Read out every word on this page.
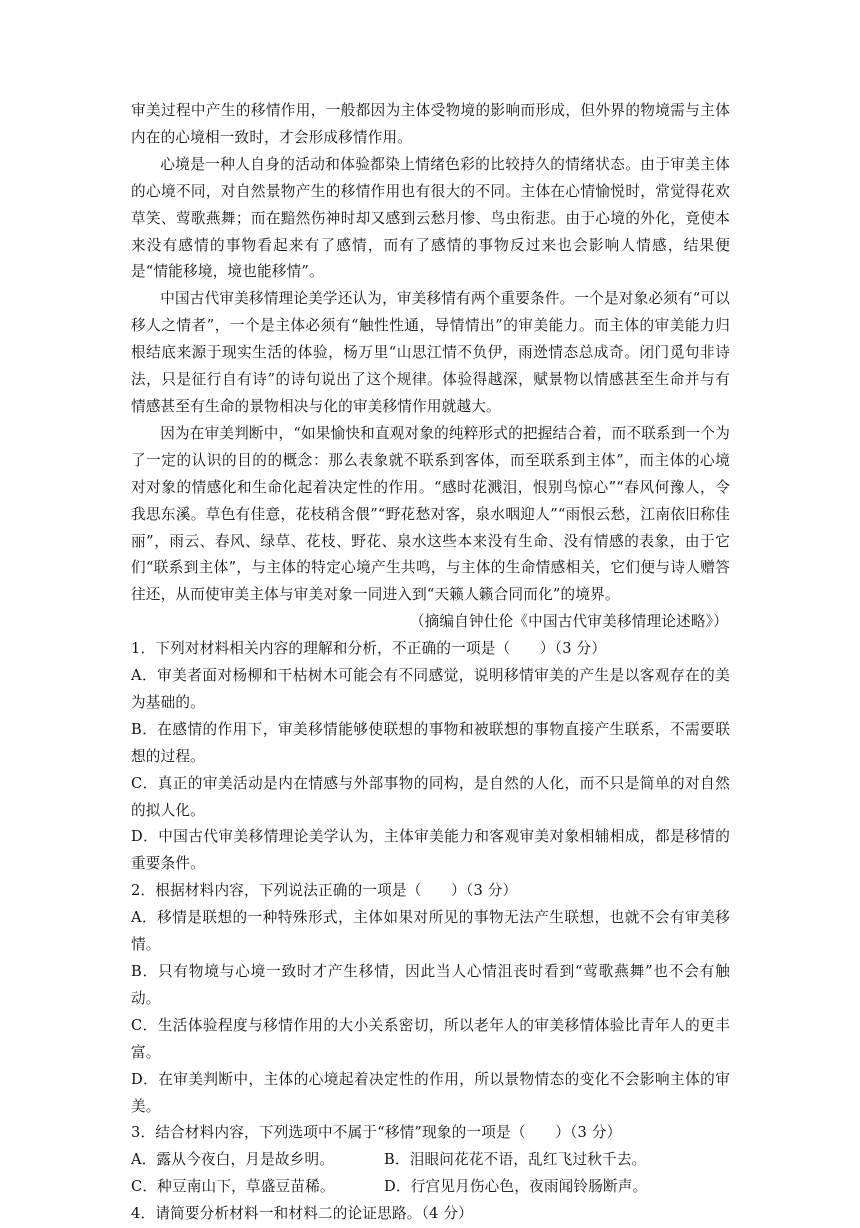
审美过程中产生的移情作用，一般都因为主体受物境的影响而形成，但外界的物境需与主体内在的心境相一致时，才会形成移情作用。

心境是一种人自身的活动和体验都染上情绪色彩的比较持久的情绪状态。由于审美主体的心境不同，对自然景物产生的移情作用也有很大的不同。主体在心情愉悦时，常觉得花欢草笑、莺歌燕舞；而在黯然伤神时却又感到云愁月惨、鸟虫衔悲。由于心境的外化，竟使本来没有感情的事物看起来有了感情，而有了感情的事物反过来也会影响人情感，结果便是“情能移境，境也能移情”。

中国古代审美移情理论美学还认为，审美移情有两个重要条件。一个是对象必须有“可以移人之情者”，一个是主体必须有“触性性通，导情情出”的审美能力。而主体的审美能力归根结底来源于现实生活的体验，杨万里“山思江情不负伊，雨迯情态总成奇。闭门觅句非诗法，只是征行自有诗”的诗句说出了这个规律。体验得越深，赋景物以情感甚至生命并与有情感甚至有生命的景物相决与化的审美移情作用就越大。

因为在审美判断中，“如果愉快和直观对象的纯粹形式的把握结合着，而不联系到一个为了一定的认识的目的的概念：那么表象就不联系到客体，而至联系到主体”，而主体的心境对对象的情感化和生命化起着决定性的作用。“感时花溅泪，恨别鸟惊心”“春风何豫人，令我思东溪。草色有佳意，花枝稍含偎”“野花愁对客，泉水咽迎人”“雨恨云愁，江南依旧称佳丽”，雨云、春风、绿草、花枝、野花、泉水这些本来没有生命、没有情感的表象，由于它们“联系到主体”，与主体的特定心境产生共鸣，与主体的生命情感相关，它们便与诗人赠答往还，从而使审美主体与审美对象一同进入到“天籁人籁合同而化”的境界。

（摘编自钟仕伦《中国古代审美移情理论述略》）

1．下列对材料相关内容的理解和分析，不正确的一项是（　　）（3 分）

A．审美者面对杨柳和干枯树木可能会有不同感觉，说明移情审美的产生是以客观存在的美为基础的。

B．在感情的作用下，审美移情能够使联想的事物和被联想的事物直接产生联系，不需要联想的过程。

C．真正的审美活动是内在情感与外部事物的同构，是自然的人化，而不只是简单的对自然的拟人化。

D．中国古代审美移情理论美学认为，主体审美能力和客观审美对象相辅相成，都是移情的重要条件。

2．根据材料内容，下列说法正确的一项是（　　）（3 分）

A．移情是联想的一种特殊形式，主体如果对所见的事物无法产生联想，也就不会有审美移情。

B．只有物境与心境一致时才产生移情，因此当人心情沮丧时看到“莺歌燕舞”也不会有触动。

C．生活体验程度与移情作用的大小关系密切，所以老年人的审美移情体验比青年人的更丰富。

D．在审美判断中，主体的心境起着决定性的作用，所以景物情态的变化不会影响主体的审美。

3．结合材料内容，下列选项中不属于“移情”现象的一项是（　　）（3 分）

A．露从今夜白，月是故乡明。	B．泪眼问花花不语，乱红飞过秋千去。
C．种豆南山下，草盛豆苗稀。	D．行宫见月伤心色，夜雨闻铃肠断声。

4．请简要分析材料一和材料二的论证思路。（4 分）
